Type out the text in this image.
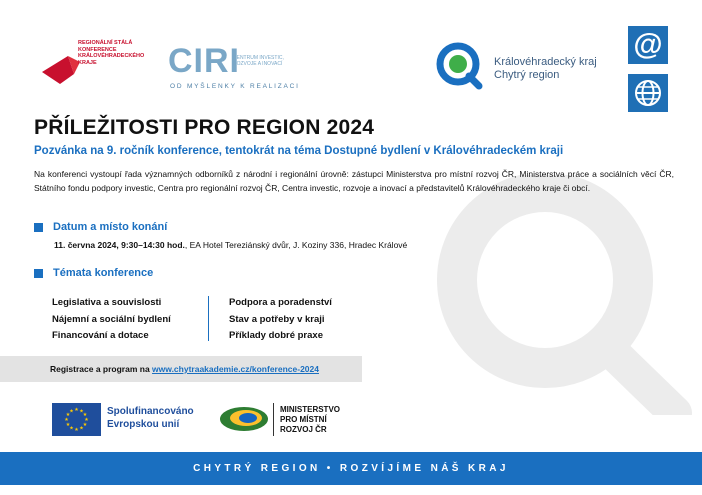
REGIONÁLNÍ STÁLÁ KONFERENCE KRÁLOVÉHRADECKÉHO KRAJE	CIRI
CENTRUM INVESTIC, ROZVOJE A INOVACÍ
OD MYŠLENKY K REALIZACI
Královéhradecký kraj
Chytrý region
@
PŘÍLEŽITOSTI PRO REGION 2024
Pozvánka na 9. ročník konference, tentokrát na téma Dostupné bydlení v Královéhradeckém kraji
Na konferenci vystoupí řada významných odborníků z národní i regionální úrovně: zástupci Ministerstva pro místní rozvoj ČR, Ministerstva práce a sociálních věcí ČR, Státního fondu podpory investic, Centra pro regionální rozvoj ČR, Centra investic, rozvoje a inovací a představitelů Královéhradeckého kraje či obcí.
Datum a místo konání
11. června 2024, 9:30–14:30 hod., EA Hotel Tereziánský dvůr, J. Koziny 336, Hradec Králové
Témata konference
Legislativa a souvislosti
Nájemní a sociální bydlení
Financování a dotace
Podpora a poradenství
Stav a potřeby v kraji
Příklady dobré praxe
Registrace a program na www.chytraakademie.cz/konference-2024
★ ★
★
★
★
★
★
★
★
★
★
★	Spolufinancováno
Evropskou unií
MINISTERSTVO
PRO MÍSTNÍ
ROZVOJ ČR
CHYTRÝ REGION • ROZVÍJÍME NÁŠ KRAJ
